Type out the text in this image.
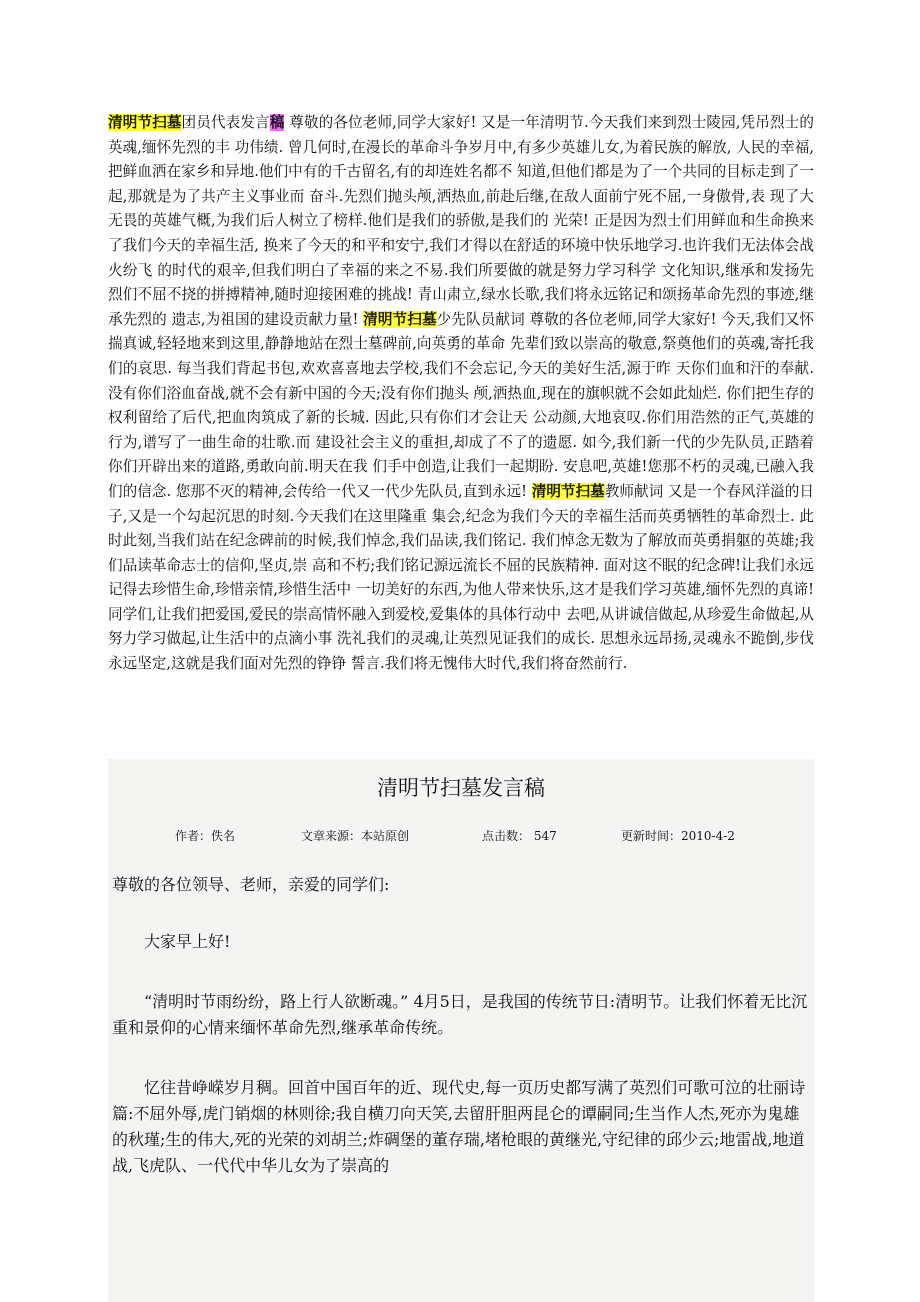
清明节扫墓团员代表发言稿 尊敬的各位老师,同学大家好! 又是一年清明节.今天我们来到烈士陵园,凭吊烈士的英魂,缅怀先烈的丰 功伟绩. 曾几何时,在漫长的革命斗争岁月中,有多少英雄儿女,为着民族的解放, 人民的幸福,把鲜血洒在家乡和异地.他们中有的千古留名,有的却连姓名都不 知道,但他们都是为了一个共同的目标走到了一起,那就是为了共产主义事业而 奋斗.先烈们抛头颅,洒热血,前赴后继,在敌人面前宁死不屈,一身傲骨,表 现了大无畏的英雄气概,为我们后人树立了榜样.他们是我们的骄傲,是我们的 光荣! 正是因为烈士们用鲜血和生命换来了我们今天的幸福生活, 换来了今天的和平和安宁,我们才得以在舒适的环境中快乐地学习.也许我们无法体会战火纷飞 的时代的艰辛,但我们明白了幸福的来之不易.我们所要做的就是努力学习科学 文化知识,继承和发扬先烈们不屈不挠的拼搏精神,随时迎接困难的挑战! 青山肃立,绿水长歌,我们将永远铭记和颂扬革命先烈的事迹,继承先烈的 遗志,为祖国的建设贡献力量! 清明节扫墓少先队员献词 尊敬的各位老师,同学大家好! 今天,我们又怀揣真诚,轻轻地来到这里,静静地站在烈士墓碑前,向英勇的革命 先辈们致以崇高的敬意,祭奠他们的英魂,寄托我们的哀思. 每当我们背起书包,欢欢喜喜地去学校,我们不会忘记,今天的美好生活,源于昨 天你们血和汗的奉献. 没有你们浴血奋战,就不会有新中国的今天;没有你们抛头 颅,洒热血,现在的旗帜就不会如此灿烂. 你们把生存的权利留给了后代,把血肉筑成了新的长城. 因此,只有你们才会让天 公动颜,大地哀叹.你们用浩然的正气,英雄的行为,谱写了一曲生命的壮歌.而 建设社会主义的重担,却成了不了的遗愿. 如今,我们新一代的少先队员,正踏着你们开辟出来的道路,勇敢向前.明天在我 们手中创造,让我们一起期盼. 安息吧,英雄!您那不朽的灵魂,已融入我们的信念. 您那不灭的精神,会传给一代又一代少先队员,直到永远! 清明节扫墓教师献词 又是一个春风洋溢的日子,又是一个勾起沉思的时刻.今天我们在这里隆重 集会,纪念为我们今天的幸福生活而英勇牺牲的革命烈士. 此时此刻,当我们站在纪念碑前的时候,我们悼念,我们品读,我们铭记. 我们悼念无数为了解放而英勇捐躯的英雄;我们品读革命志士的信仰,坚贞,崇 高和不朽;我们铭记源远流长不屈的民族精神. 面对这不眠的纪念碑!让我们永远记得去珍惜生命,珍惜亲情,珍惜生活中 一切美好的东西,为他人带来快乐,这才是我们学习英雄,缅怀先烈的真谛! 同学们,让我们把爱国,爱民的崇高情怀融入到爱校,爱集体的具体行动中 去吧,从讲诚信做起,从珍爱生命做起,从努力学习做起,让生活中的点滴小事 洗礼我们的灵魂,让英烈见证我们的成长. 思想永远昂扬,灵魂永不跪倒,步伐永远坚定,这就是我们面对先烈的铮铮 誓言.我们将无愧伟大时代,我们将奋然前行.
清明节扫墓发言稿
作者：佚名	文章来源：本站原创	点击数： 547	更新时间：2010-4-2

尊敬的各位领导、老师，亲爱的同学们:

大家早上好!

“清明时节雨纷纷，路上行人欲断魂。” 4月5日，是我国的传统节日:清明节。让我们怀着无比沉重和景仰的心情来缅怀革命先烈,继承革命传统。

忆往昔峥嵘岁月稠。回首中国百年的近、现代史,每一页历史都写满了英烈们可歌可泣的壮丽诗篇:不屈外辱,虎门销烟的林则徐;我自横刀向天笑,去留肝胆两昆仑的谭嗣同;生当作人杰,死亦为鬼雄的秋瑾;生的伟大,死的光荣的刘胡兰;炸碉堡的董存瑞,堵枪眼的黄继光,守纪律的邱少云;地雷战,地道战,飞虎队、一代代中华儿女为了崇高的
